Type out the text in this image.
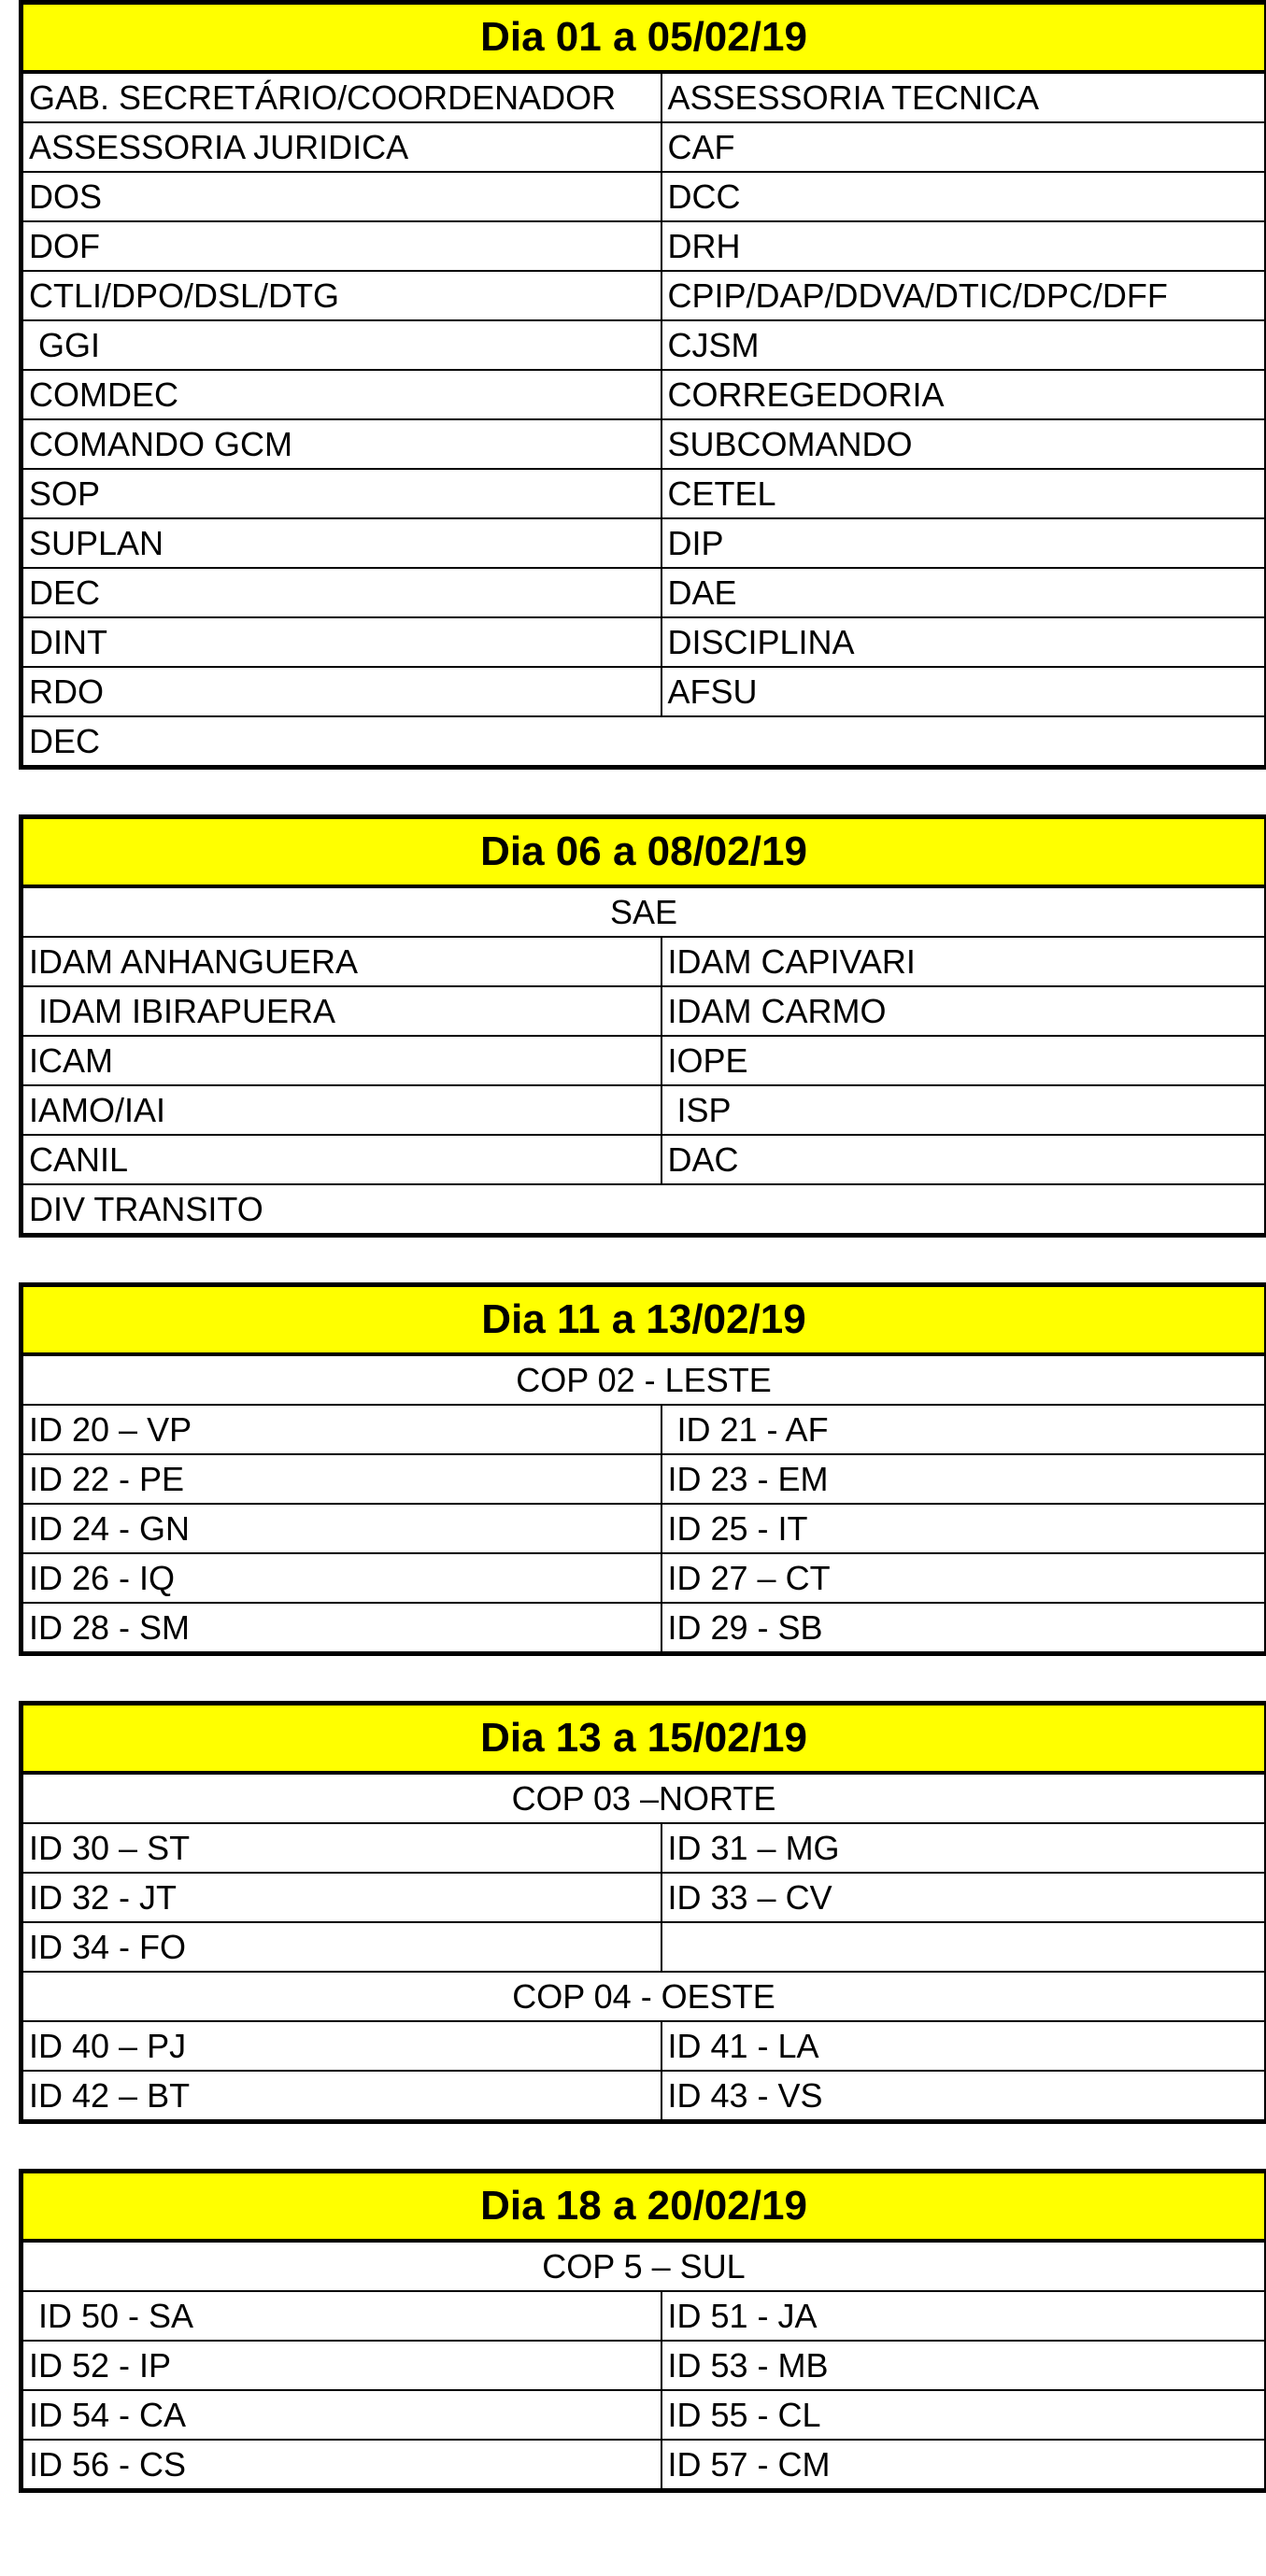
Dia 01 a 05/02/19	
GAB. SECRETÁRIO/COORDENADOR	ASSESSORIA TECNICA
ASSESSORIA JURIDICA	CAF
DOS	DCC
DOF	DRH
CTLI/DPO/DSL/DTG	CPIP/DAP/DDVA/DTIC/DPC/DFF
GGI	CJSM
COMDEC	CORREGEDORIA
COMANDO GCM	SUBCOMANDO
SOP	CETEL
SUPLAN	DIP
DEC	DAE
DINT	DISCIPLINA
RDO	AFSU
DEC	
Dia 06 a 08/02/19	
SAE	
IDAM ANHANGUERA	IDAM CAPIVARI
IDAM IBIRAPUERA	IDAM CARMO
ICAM	IOPE
IAMO/IAI	ISP
CANIL	DAC
DIV TRANSITO	
Dia 11 a 13/02/19	
COP 02 - LESTE	
ID 20 – VP	ID 21 - AF
ID 22 - PE	ID 23 - EM
ID 24 - GN	ID 25 - IT
ID 26 - IQ	ID 27 – CT
ID 28 - SM	ID 29 - SB
Dia 13 a 15/02/19	
COP 03 –NORTE	
ID 30 – ST	ID 31 – MG
ID 32 - JT	ID 33 – CV
ID 34 - FO	
COP 04 - OESTE	
ID 40 – PJ	ID 41 - LA
ID 42 – BT	ID 43 - VS
Dia 18 a 20/02/19	
COP 5 – SUL	
ID 50 - SA	ID 51 - JA
ID 52 - IP	ID 53 - MB
ID 54 - CA	ID 55 - CL
ID 56 - CS	ID 57 - CM
